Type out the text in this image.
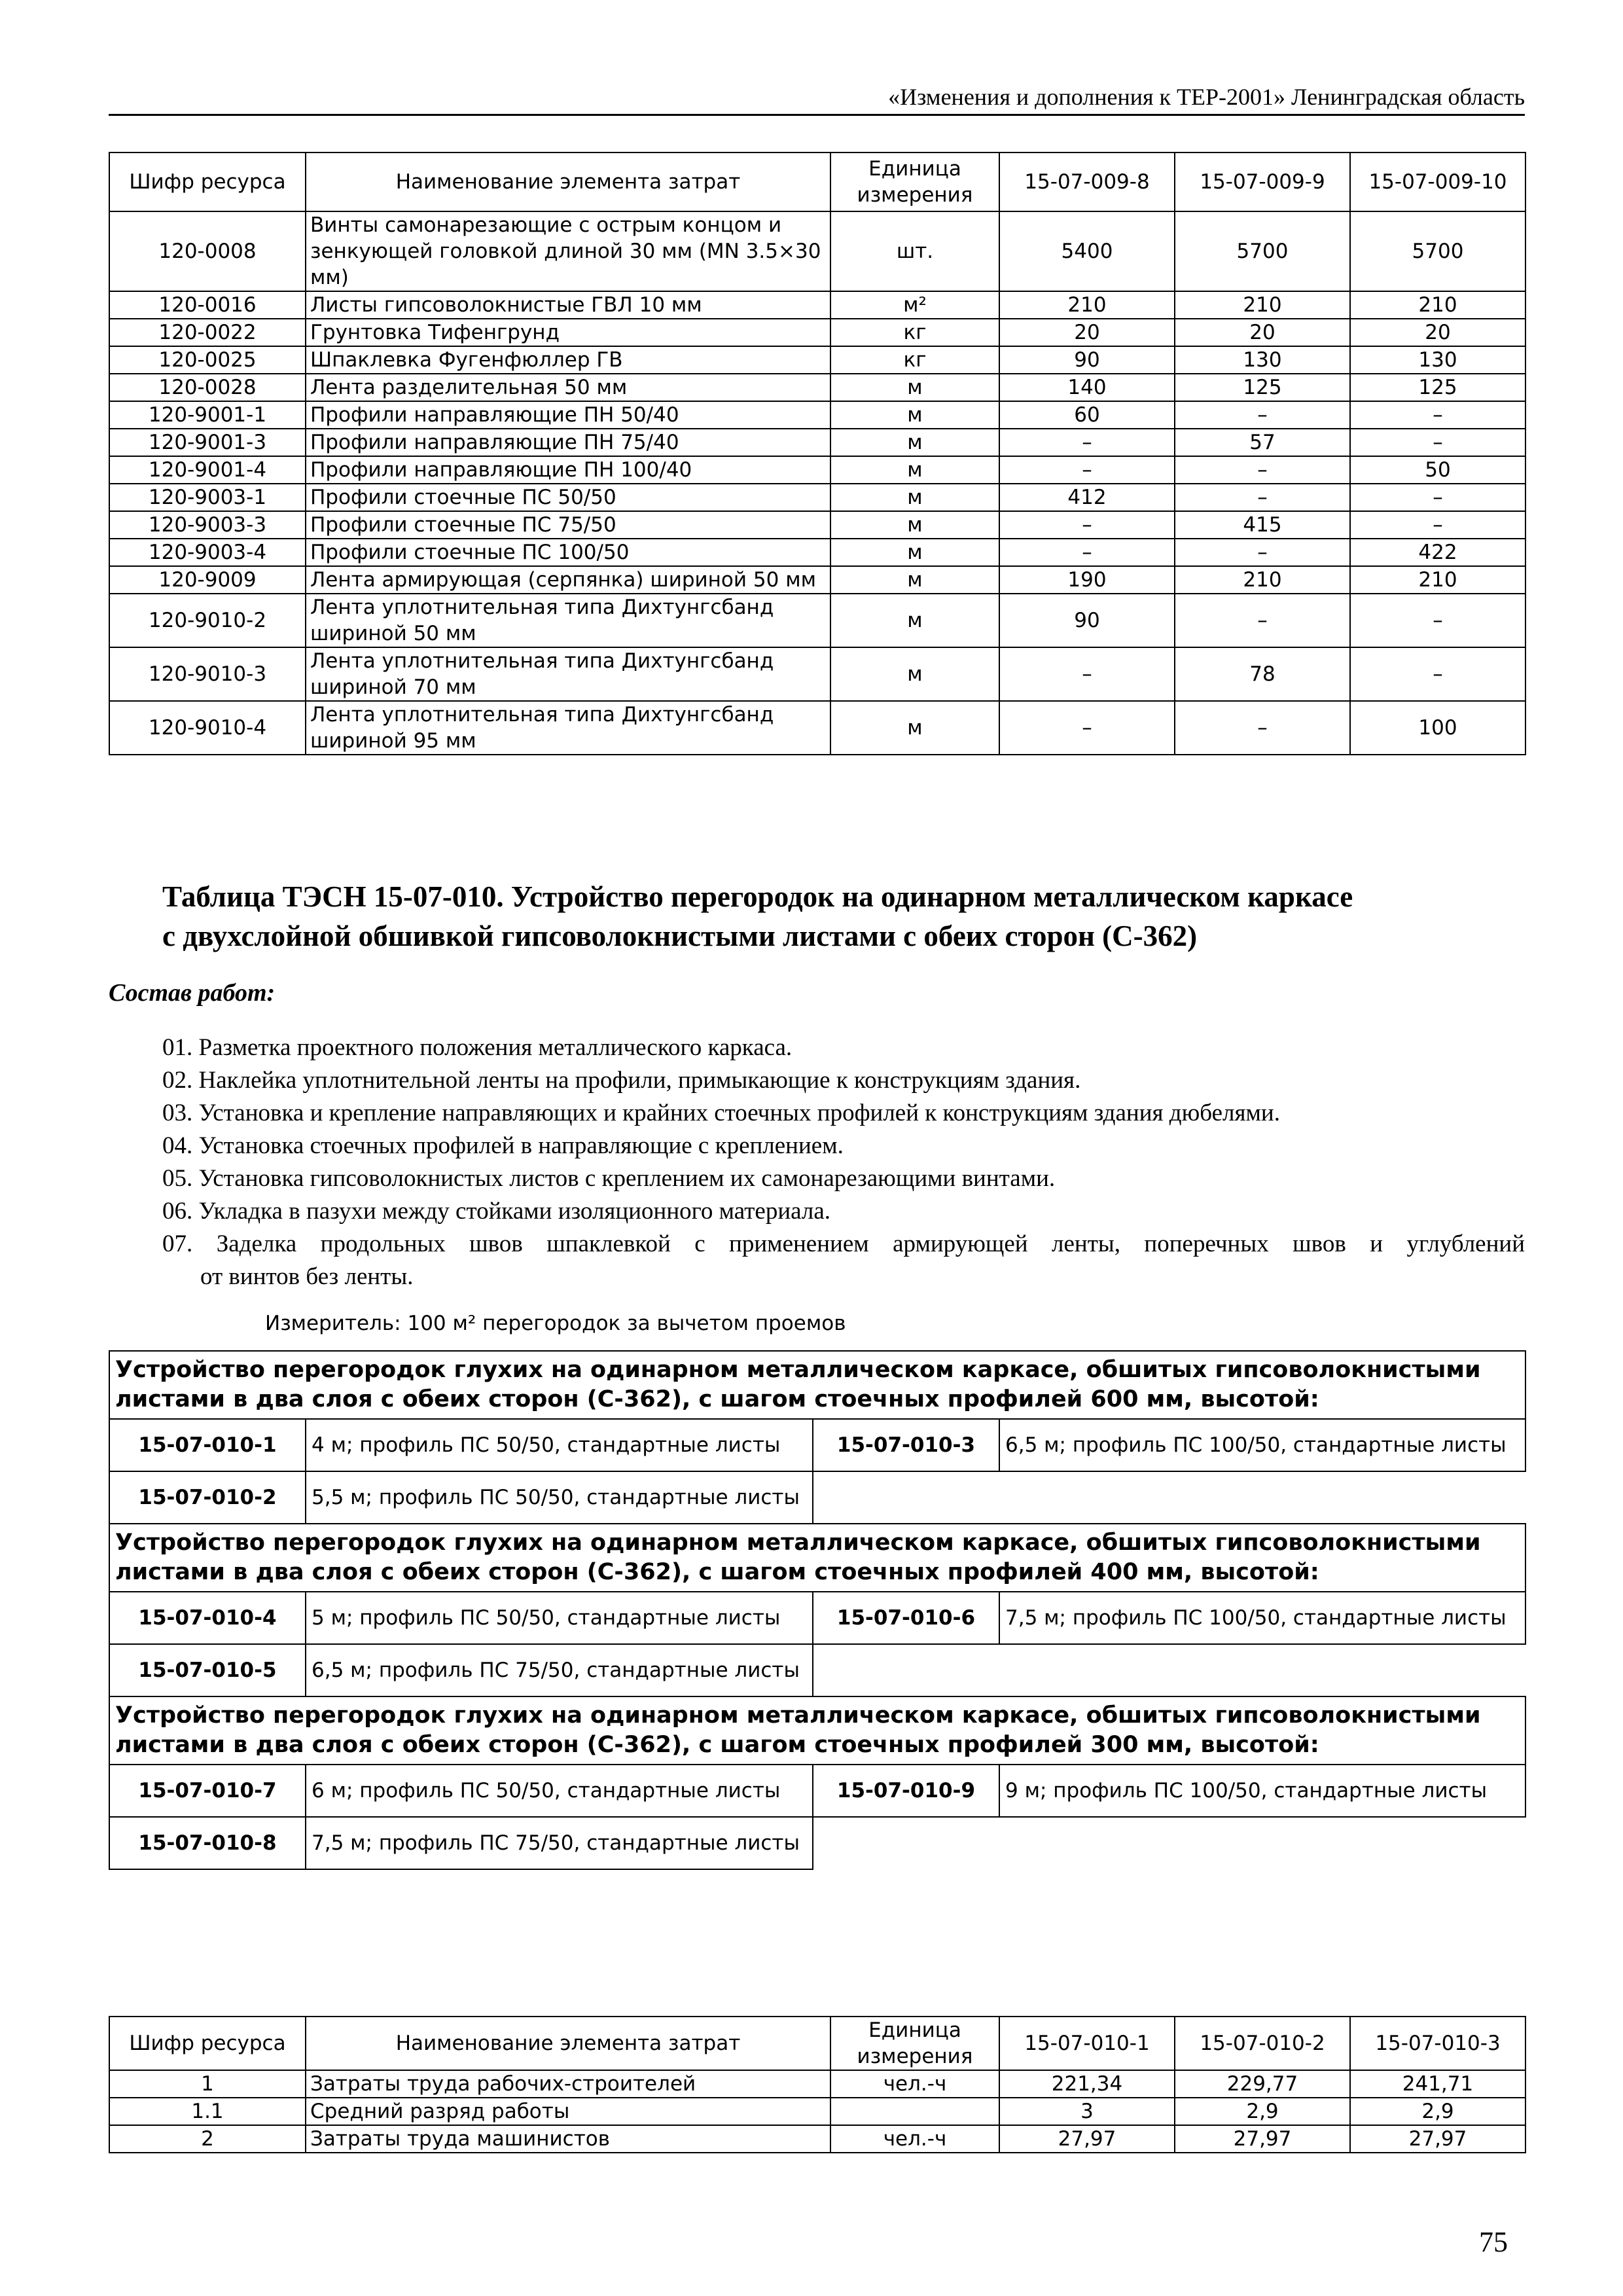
«Изменения и дополнения к ТЕР-2001» Ленинградская область
Шифр ресурса	Наименование элемента затрат	Единица измерения	15-07-009-8	15-07-009-9	15-07-009-10
120-0008	Винты самонарезающие с острым концом и зенкующей головкой длиной 30 мм (MN 3.5×30 мм)	шт.	5400	5700	5700
120-0016	Листы гипсоволокнистые ГВЛ 10 мм	м²	210	210	210
120-0022	Грунтовка Тифенгрунд	кг	20	20	20
120-0025	Шпаклевка Фугенфюллер ГВ	кг	90	130	130
120-0028	Лента разделительная 50 мм	м	140	125	125
120-9001-1	Профили направляющие ПН 50/40	м	60	–	–
120-9001-3	Профили направляющие ПН 75/40	м	–	57	–
120-9001-4	Профили направляющие ПН 100/40	м	–	–	50
120-9003-1	Профили стоечные ПС 50/50	м	412	–	–
120-9003-3	Профили стоечные ПС 75/50	м	–	415	–
120-9003-4	Профили стоечные ПС 100/50	м	–	–	422
120-9009	Лента армирующая (серпянка) шириной 50 мм	м	190	210	210
120-9010-2	Лента уплотнительная типа Дихтунгсбанд шириной 50 мм	м	90	–	–
120-9010-3	Лента уплотнительная типа Дихтунгсбанд шириной 70 мм	м	–	78	–
120-9010-4	Лента уплотнительная типа Дихтунгсбанд шириной 95 мм	м	–	–	100
Таблица ТЭСН 15-07-010. Устройство перегородок на одинарном металлическом каркасе
с двухслойной обшивкой гипсоволокнистыми листами с обеих сторон (С-362)
Состав работ:
01. Разметка проектного положения металлического каркаса.
02. Наклейка уплотнительной ленты на профили, примыкающие к конструкциям здания.
03. Установка и крепление направляющих и крайних стоечных профилей к конструкциям здания дюбелями.
04. Установка стоечных профилей в направляющие с креплением.
05. Установка гипсоволокнистых листов с креплением их самонарезающими винтами.
06. Укладка в пазухи между стойками изоляционного материала.
07. Заделка продольных швов шпаклевкой с применением армирующей ленты, поперечных швов и углублений
от винтов без ленты.
Измеритель: 100 м² перегородок за вычетом проемов
Устройство перегородок глухих на одинарном металлическом каркасе, обшитых гипсоволокнистыми листами в два слоя с обеих сторон (С-362), с шагом стоечных профилей 600 мм, высотой:			
15-07-010-1	4 м; профиль ПС 50/50, стандартные листы	15-07-010-3	6,5 м; профиль ПС 100/50, стандартные листы
15-07-010-2	5,5 м; профиль ПС 50/50, стандартные листы		
Устройство перегородок глухих на одинарном металлическом каркасе, обшитых гипсоволокнистыми листами в два слоя с обеих сторон (С-362), с шагом стоечных профилей 400 мм, высотой:			
15-07-010-4	5 м; профиль ПС 50/50, стандартные листы	15-07-010-6	7,5 м; профиль ПС 100/50, стандартные листы
15-07-010-5	6,5 м; профиль ПС 75/50, стандартные листы		
Устройство перегородок глухих на одинарном металлическом каркасе, обшитых гипсоволокнистыми листами в два слоя с обеих сторон (С-362), с шагом стоечных профилей 300 мм, высотой:			
15-07-010-7	6 м; профиль ПС 50/50, стандартные листы	15-07-010-9	9 м; профиль ПС 100/50, стандартные листы
15-07-010-8	7,5 м; профиль ПС 75/50, стандартные листы		
Шифр ресурса	Наименование элемента затрат	Единица измерения	15-07-010-1	15-07-010-2	15-07-010-3
1	Затраты труда рабочих-строителей	чел.-ч	221,34	229,77	241,71
1.1	Средний разряд работы		3	2,9	2,9
2	Затраты труда машинистов	чел.-ч	27,97	27,97	27,97
75
